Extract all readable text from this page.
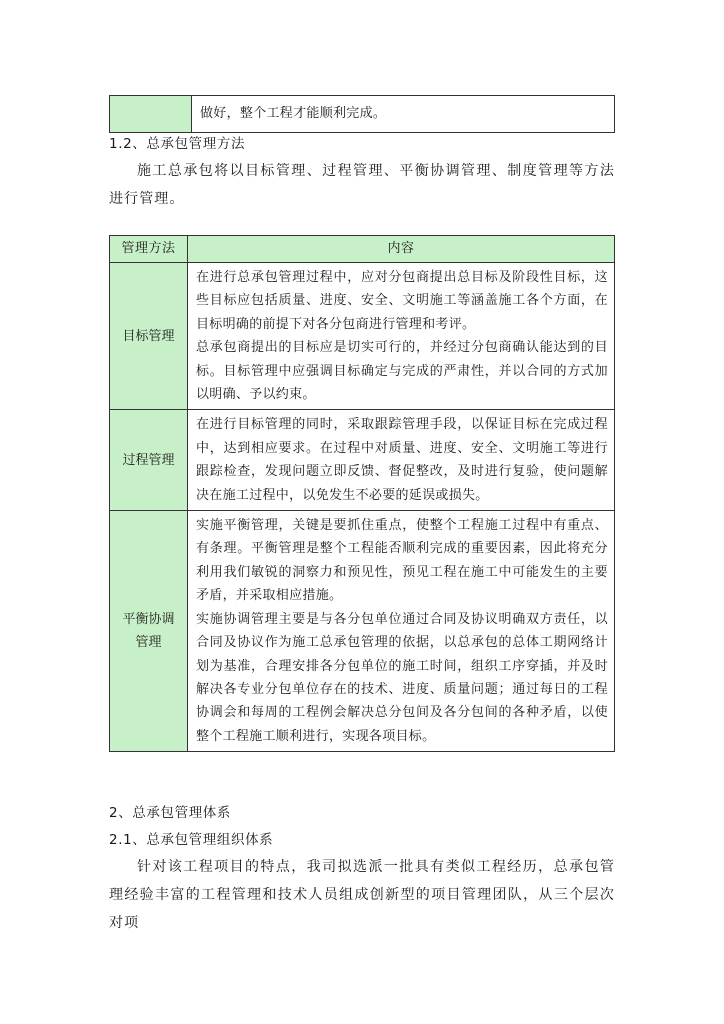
	做好，整个工程才能顺利完成。
1.2、总承包管理方法
施工总承包将以目标管理、过程管理、平衡协调管理、制度管理等方法进行管理。
管理方法	内容
目标管理	在进行总承包管理过程中，应对分包商提出总目标及阶段性目标，这些目标应包括质量、进度、安全、文明施工等涵盖施工各个方面，在目标明确的前提下对各分包商进行管理和考评。

总承包商提出的目标应是切实可行的，并经过分包商确认能达到的目标。目标管理中应强调目标确定与完成的严肃性，并以合同的方式加以明确、予以约束。

过程管理	在进行目标管理的同时，采取跟踪管理手段，以保证目标在完成过程中，达到相应要求。在过程中对质量、进度、安全、文明施工等进行跟踪检查，发现问题立即反馈、督促整改，及时进行复验，使问题解决在施工过程中，以免发生不必要的延误或损失。

平衡协调管理	实施平衡管理，关键是要抓住重点，使整个工程施工过程中有重点、有条理。平衡管理是整个工程能否顺利完成的重要因素，因此将充分利用我们敏锐的洞察力和预见性，预见工程在施工中可能发生的主要矛盾，并采取相应措施。

实施协调管理主要是与各分包单位通过合同及协议明确双方责任，以合同及协议作为施工总承包管理的依据，以总承包的总体工期网络计划为基准，合理安排各分包单位的施工时间，组织工序穿插，并及时解决各专业分包单位存在的技术、进度、质量问题；通过每日的工程协调会和每周的工程例会解决总分包间及各分包间的各种矛盾，以使整个工程施工顺利进行，实现各项目标。

2、总承包管理体系
2.1、总承包管理组织体系
针对该工程项目的特点，我司拟选派一批具有类似工程经历，总承包管理经验丰富的工程管理和技术人员组成创新型的项目管理团队，从三个层次对项
